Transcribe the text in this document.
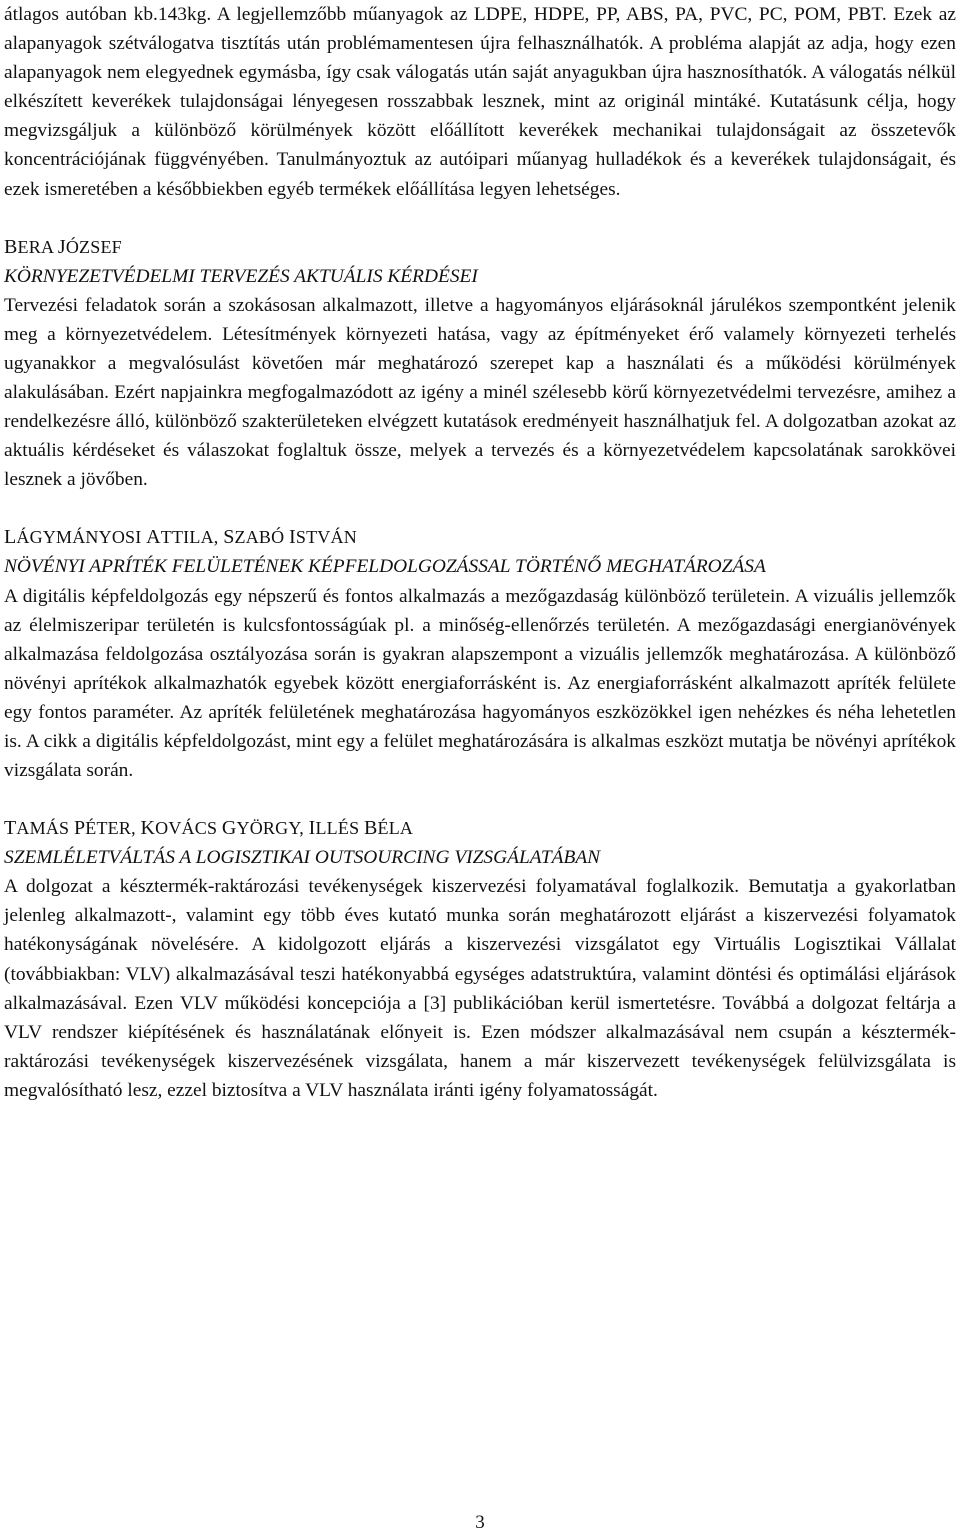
átlagos autóban kb.143kg. A legjellemzőbb műanyagok az LDPE, HDPE, PP, ABS, PA, PVC, PC, POM, PBT. Ezek az alapanyagok szétválogatva tisztítás után problémamentesen újra felhasználhatók. A probléma alapját az adja, hogy ezen alapanyagok nem elegyednek egymásba, így csak válogatás után saját anyagukban újra hasznosíthatók. A válogatás nélkül elkészített keverékek tulajdonságai lényegesen rosszabbak lesznek, mint az originál mintáké. Kutatásunk célja, hogy megvizsgáljuk a különböző körülmények között előállított keverékek mechanikai tulajdonságait az összetevők koncentrációjának függvényében. Tanulmányoztuk az autóipari műanyag hulladékok és a keverékek tulajdonságait, és ezek ismeretében a későbbiekben egyéb termékek előállítása legyen lehetséges.

BERA JÓZSEF
KÖRNYEZETVÉDELMI TERVEZÉS AKTUÁLIS KÉRDÉSEI

Tervezési feladatok során a szokásosan alkalmazott, illetve a hagyományos eljárásoknál járulékos szempontként jelenik meg a környezetvédelem. Létesítmények környezeti hatása, vagy az építményeket érő valamely környezeti terhelés ugyanakkor a megvalósulást követően már meghatározó szerepet kap a használati és a működési körülmények alakulásában. Ezért napjainkra megfogalmazódott az igény a minél szélesebb körű környezetvédelmi tervezésre, amihez a rendelkezésre álló, különböző szakterületeken elvégzett kutatások eredményeit használhatjuk fel. A dolgozatban azokat az aktuális kérdéseket és válaszokat foglaltuk össze, melyek a tervezés és a környezetvédelem kapcsolatának sarokkövei lesznek a jövőben.

LÁGYMÁNYOSI ATTILA, SZABÓ ISTVÁN
NÖVÉNYI APRÍTÉK FELÜLETÉNEK KÉPFELDOLGOZÁSSAL TÖRTÉNŐ MEGHATÁROZÁSA

A digitális képfeldolgozás egy népszerű és fontos alkalmazás a mezőgazdaság különböző területein. A vizuális jellemzők az élelmiszeripar területén is kulcsfontosságúak pl. a minőség-ellenőrzés területén. A mezőgazdasági energianövények alkalmazása feldolgozása osztályozása során is gyakran alapszempont a vizuális jellemzők meghatározása. A különböző növényi aprítékok alkalmazhatók egyebek között energiaforrásként is. Az energiaforrásként alkalmazott apríték felülete egy fontos paraméter. Az apríték felületének meghatározása hagyományos eszközökkel igen nehézkes és néha lehetetlen is. A cikk a digitális képfeldolgozást, mint egy a felület meghatározására is alkalmas eszközt mutatja be növényi aprítékok vizsgálata során.

TAMÁS PÉTER, KOVÁCS GYÖRGY, ILLÉS BÉLA
SZEMLÉLETVÁLTÁS A LOGISZTIKAI OUTSOURCING VIZSGÁLATÁBAN

A dolgozat a késztermék-raktározási tevékenységek kiszervezési folyamatával foglalkozik. Bemutatja a gyakorlatban jelenleg alkalmazott-, valamint egy több éves kutató munka során meghatározott eljárást a kiszervezési folyamatok hatékonyságának növelésére. A kidolgozott eljárás a kiszervezési vizsgálatot egy Virtuális Logisztikai Vállalat (továbbiakban: VLV) alkalmazásával teszi hatékonyabbá egységes adatstruktúra, valamint döntési és optimálási eljárások alkalmazásával. Ezen VLV működési koncepciója a [3] publikációban kerül ismertetésre. Továbbá a dolgozat feltárja a VLV rendszer kiépítésének és használatának előnyeit is. Ezen módszer alkalmazásával nem csupán a késztermék-raktározási tevékenységek kiszervezésének vizsgálata, hanem a már kiszervezett tevékenységek felülvizsgálata is megvalósítható lesz, ezzel biztosítva a VLV használata iránti igény folyamatosságát.

3
